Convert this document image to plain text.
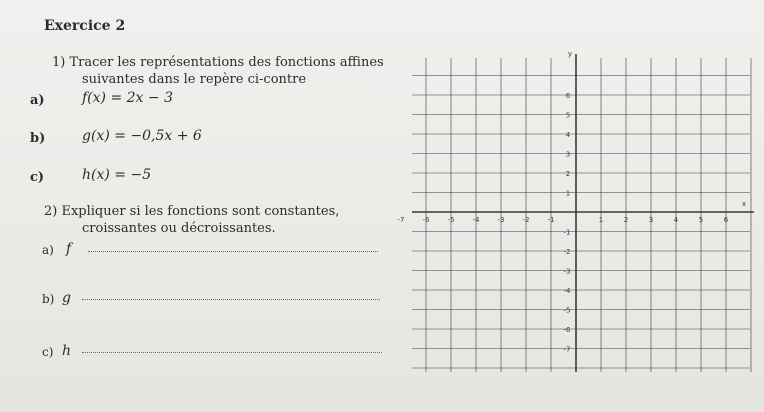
Exercice 2
1) Tracer les représentations des fonctions affines
suivantes dans le repère ci-contre
a)	f(x) = 2x − 3
b)	g(x) = −0,5x + 6
c)	h(x) = −5
2) Expliquer si les fonctions sont constantes,
croissantes ou décroissantes.
a) f
b) g
c) h
x
y
-7	-6	-5	-4	-3	-2	-1	1	2	3	4	5	6
6
5
4
3
2
1
-1
-2
-3
-4
-5
-6
-7
